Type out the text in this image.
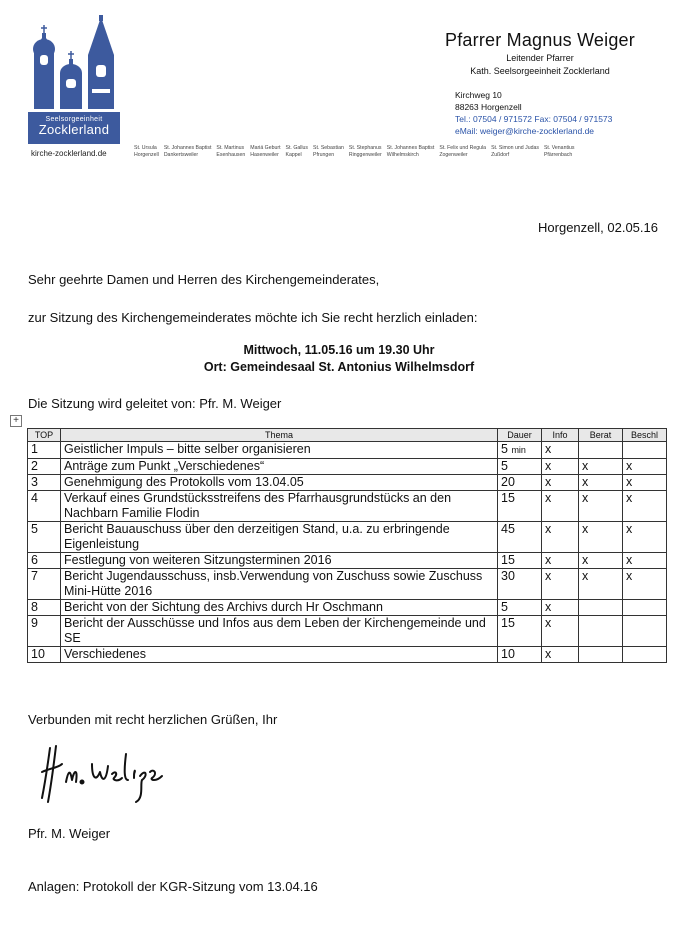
Seelsorgeeinheit
Zocklerland
kirche-zocklerland.de
St. Ursula
Horgenzell
St. Johannes Baptist
Dankertsweiler
St. Martinus
Esenhausen
Mariä Geburt
Hasenweiler
St. Gallus
Kappel
St. Sebastian
Pfrungen
St. Stephanus
Ringgenweiler
St. Johannes Baptist
Wilhelmskirch
St. Felix und Regula
Zogenweiler
St. Simon und Judas
Zußdorf
St. Venantius
Pfärrenbach
Pfarrer Magnus Weiger
Leitender Pfarrer
Kath. Seelsorgeeinheit Zocklerland
Kirchweg 10
88263 Horgenzell
Tel.: 07504 / 971572 Fax: 07504 / 971573
eMail: weiger@kirche-zocklerland.de
Horgenzell, 02.05.16
Sehr geehrte Damen und Herren des Kirchengemeinderates,
zur Sitzung des Kirchengemeinderates möchte ich Sie recht herzlich einladen:
Mittwoch, 11.05.16 um 19.30 Uhr
Ort: Gemeindesaal St. Antonius Wilhelmsdorf
Die Sitzung wird geleitet von: Pfr. M. Weiger
+
TOP	Thema	Dauer	Info	Berat	Beschl
1	Geistlicher Impuls – bitte selber organisieren	5 min	x		
2	Anträge zum Punkt „Verschiedenes“	5	x	x	x
3	Genehmigung des Protokolls vom 13.04.05	20	x	x	x
4	Verkauf eines Grundstücksstreifens des Pfarrhausgrundstücks an den Nachbarn Familie Flodin	15	x	x	x
5	Bericht Bauauschuss über den derzeitigen Stand, u.a. zu erbringende Eigenleistung	45	x	x	x
6	Festlegung von weiteren Sitzungsterminen 2016	15	x	x	x
7	Bericht Jugendausschuss, insb.Verwendung von Zuschuss sowie Zuschuss Mini-Hütte 2016	30	x	x	x
8	Bericht von der Sichtung des Archivs durch Hr Oschmann	5	x		
9	Bericht der Ausschüsse und Infos aus dem Leben der Kirchengemeinde und SE	15	x		
10	Verschiedenes	10	x		
Verbunden mit recht herzlichen Grüßen, Ihr
Pfr. M. Weiger
Anlagen: Protokoll der KGR-Sitzung vom 13.04.16
